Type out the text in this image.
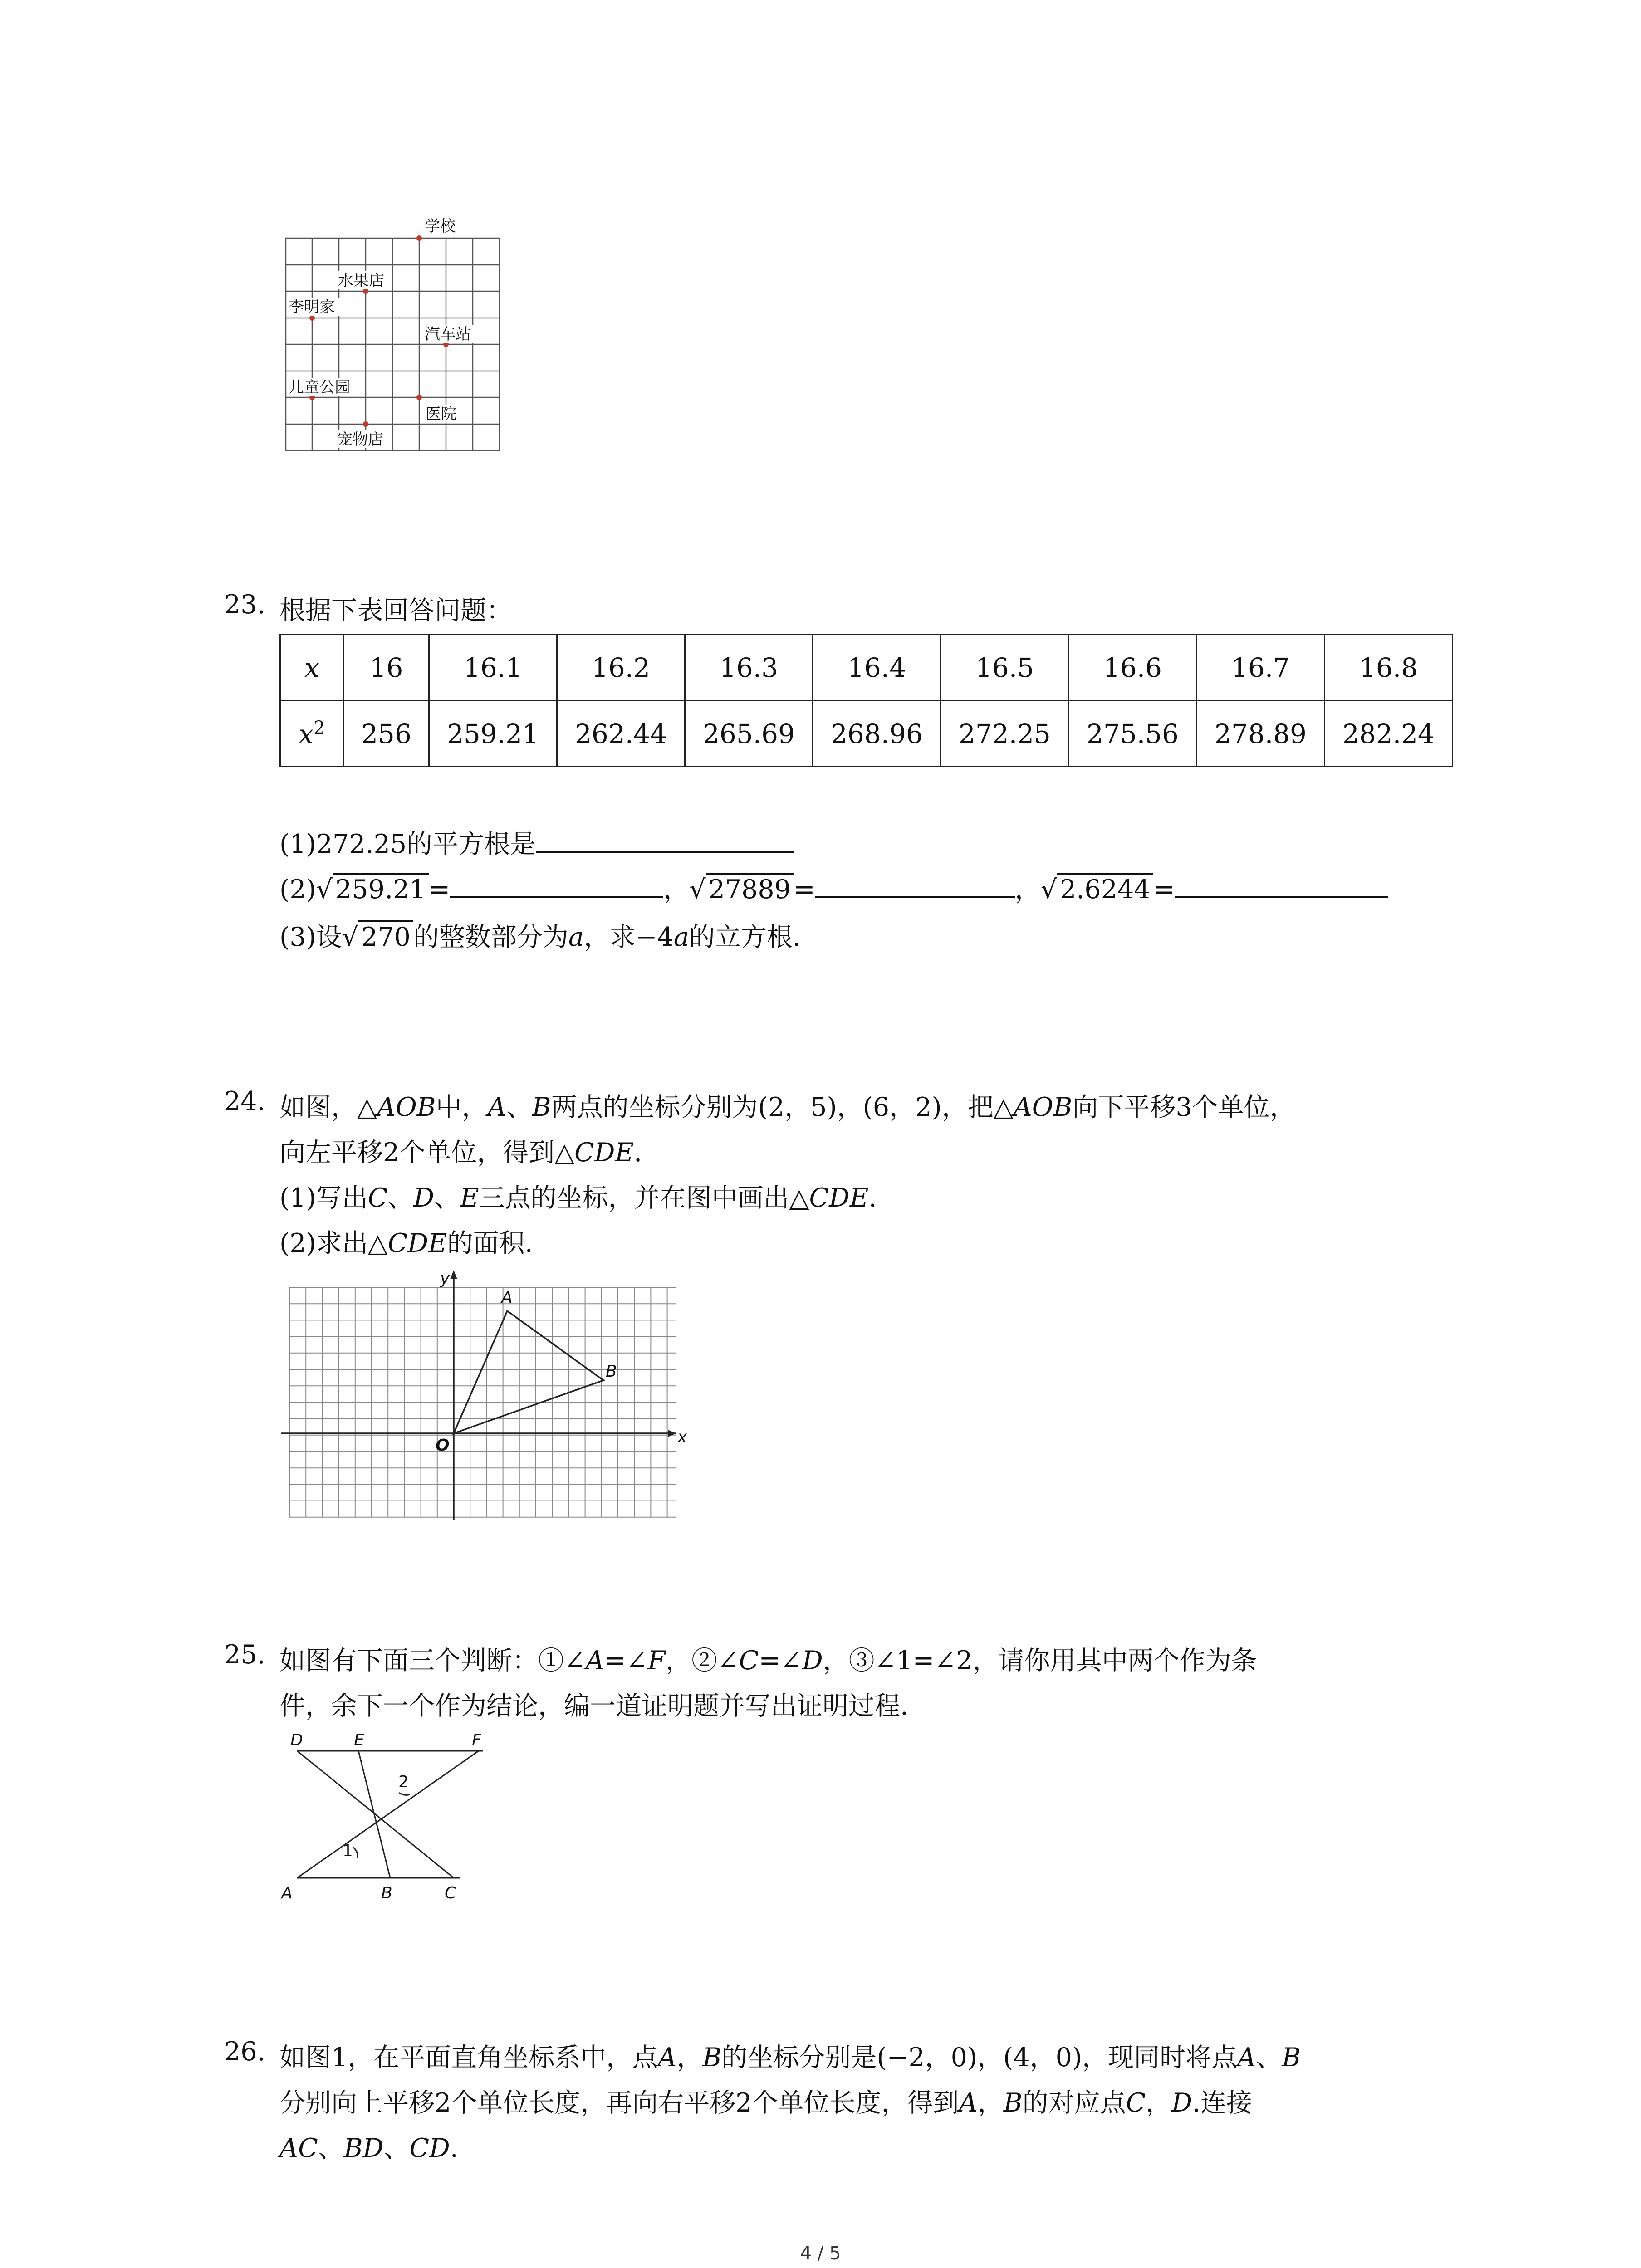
学校
水果店
李明家
汽车站
儿童公园
医院
宠物店
23. 根据下表回答问题：
x	16	16.1	16.2	16.3	16.4	16.5	16.6	16.7	16.8
$x^2$	256	259.21	262.44	265.69	268.96	272.25	275.56	278.89	282.24
(1)272.25的平方根是
(2)√ 259.21 =	，√ 27889 =	，√ 2.6244 =
(3)设√ 270 的整数部分为a，求−4a的立方根.
24. 如图，△AOB中，A、B两点的坐标分别为(2，5)，(6，2)，把△AOB向下平移3个单位，
向左平移2个单位，得到△CDE.
(1)写出C、D、E三点的坐标，并在图中画出△CDE.
(2)求出△CDE的面积.
y
x
O
A
B
25. 如图有下面三个判断：①∠A=∠F，②∠C=∠D，③∠1=∠2，请你用其中两个作为条
件，余下一个作为结论，编一道证明题并写出证明过程.
D	E	F
A	B	C
1
2
26. 如图1，在平面直角坐标系中，点A，B的坐标分别是(−2，0)，(4，0)，现同时将点A、B
分别向上平移2个单位长度，再向右平移2个单位长度，得到A，B的对应点C，D.连接
AC、BD、CD.
4 / 5
